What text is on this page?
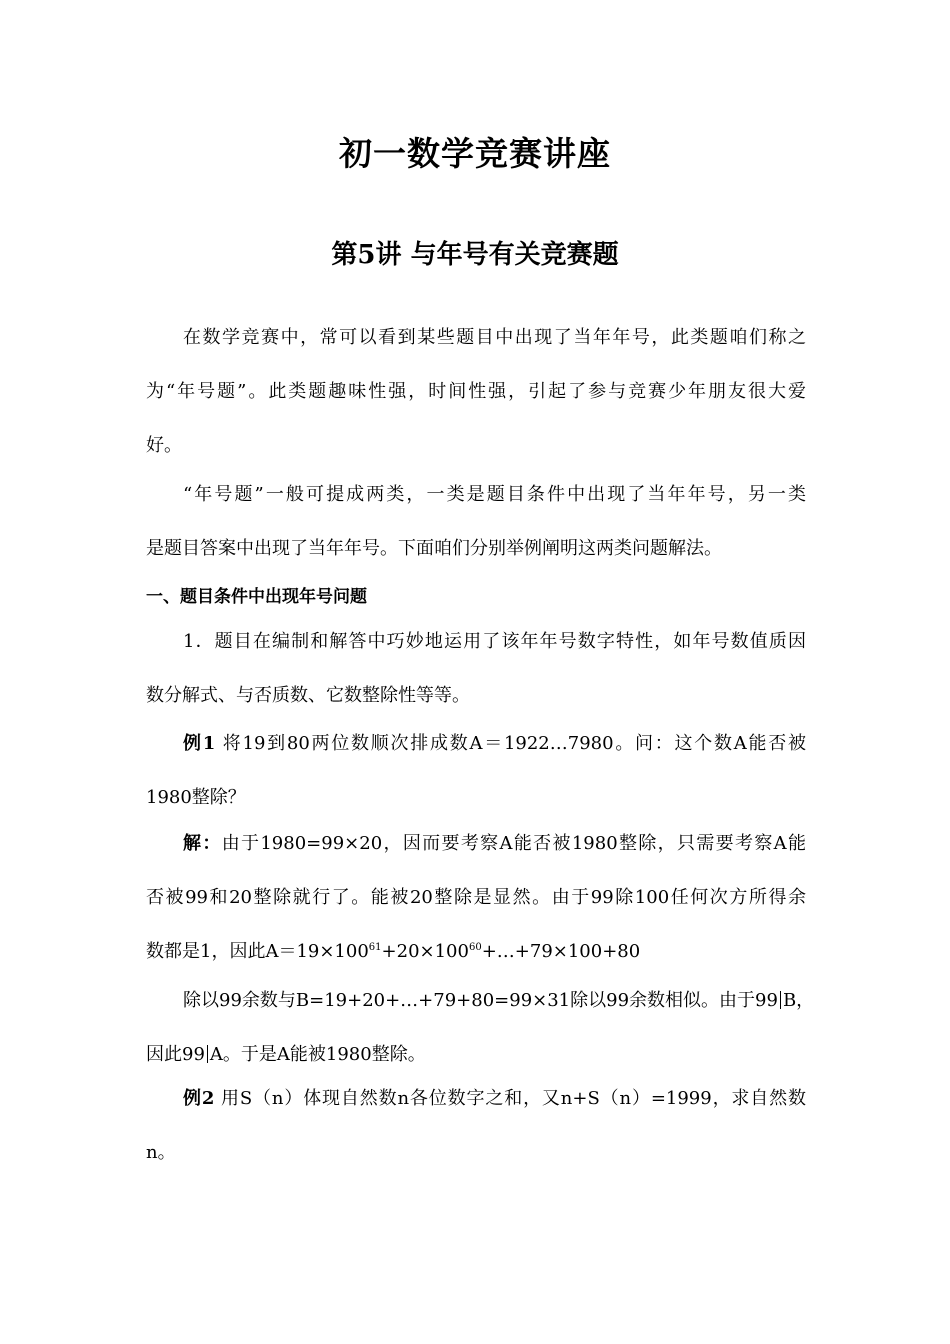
初一数学竞赛讲座
第5讲 与年号有关竞赛题
在数学竞赛中，常可以看到某些题目中出现了当年年号，此类题咱们称之
为“年号题”。此类题趣味性强，时间性强，引起了参与竞赛少年朋友很大爱
好。
“年号题”一般可提成两类，一类是题目条件中出现了当年年号，另一类
是题目答案中出现了当年年号。下面咱们分别举例阐明这两类问题解法。
一、题目条件中出现年号问题
1．题目在编制和解答中巧妙地运用了该年年号数字特性，如年号数值质因
数分解式、与否质数、它数整除性等等。
例1 将19到80两位数顺次排成数A＝1922…7980。问：这个数A能否被
1980整除？
解：由于1980=99×20，因而要考察A能否被1980整除，只需要考察A能
否被99和20整除就行了。能被20整除是显然。由于99除100任何次方所得余
数都是1，因此$A=19\times 100^{61}+20\times 100^{60}+\dots+79\times 100+80$
除以99余数与B=19+20+…+79+80=99×31除以99余数相似。由于99 B，
因此99 A。于是A能被1980整除。
例2 用S（n）体现自然数n各位数字之和，又n+S（n）=1999，求自然数
n。
